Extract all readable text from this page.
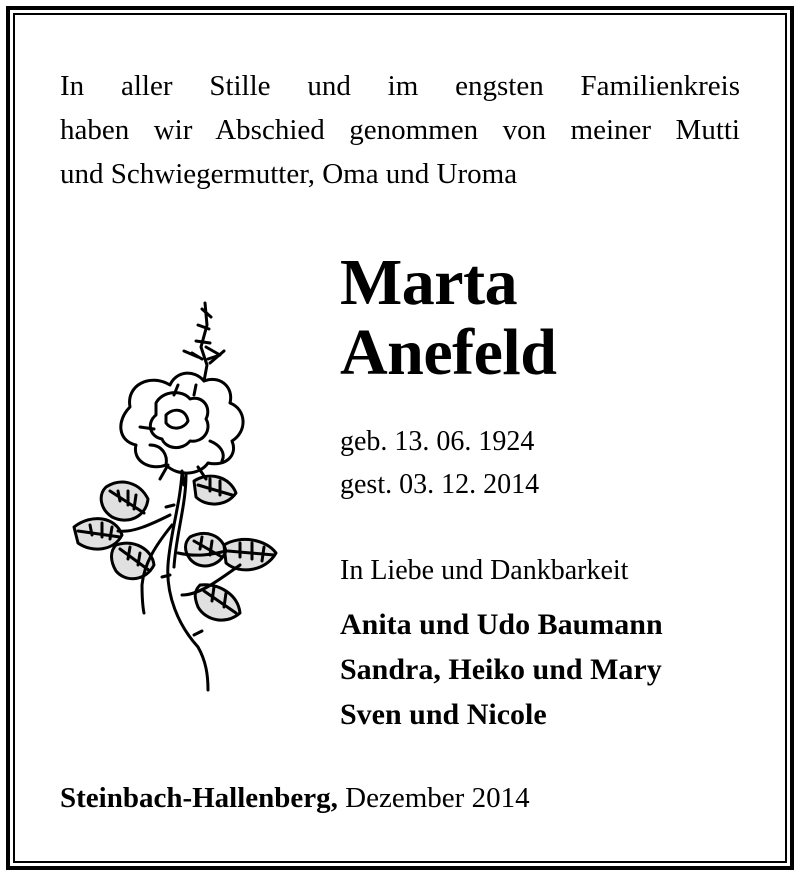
In aller Stille und im engsten Familienkreis
haben wir Abschied genommen von meiner Mutti
und Schwiegermutter, Oma und Uroma

Marta
Anefeld

geb. 13. 06. 1924
gest. 03. 12. 2014

In Liebe und Dankbarkeit

Anita und Udo Baumann
Sandra, Heiko und Mary
Sven und Nicole

Steinbach-Hallenberg, Dezember 2014
